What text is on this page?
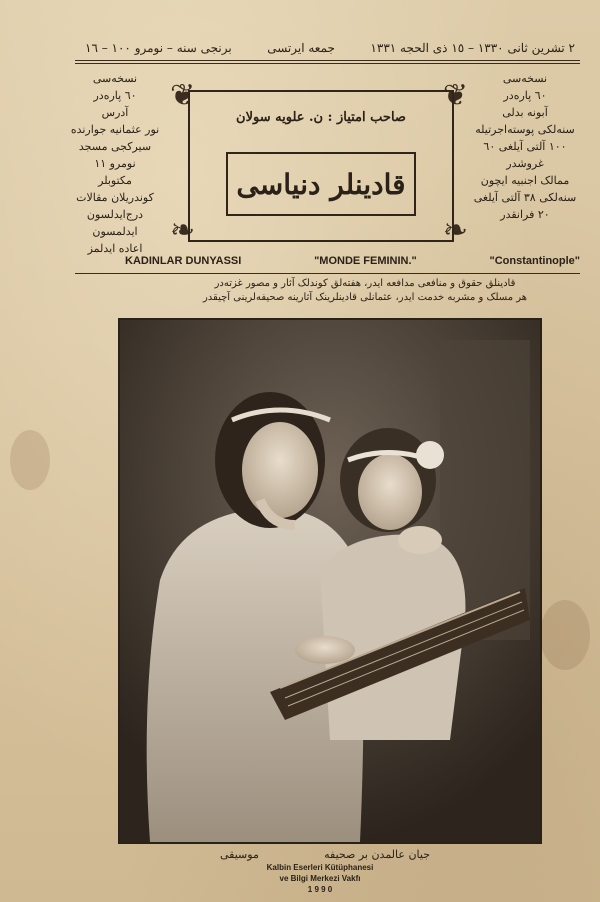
٢ تشرین ثانی ١٣٣٠ – ١٥ ذی الحجه ١٣٣١
جمعه ایرتسی
برنجی سنه – نومرو ١٠٠ – ١٦
نسخه‌سی
٦٠ پاره‌در
آدرس
نور عثمانیه جوارنده
سیرکجی مسجد
نومرو ١١
مکتوبلر
کوندریلان مقالات
درج‌ایدلسون ایدلمسون
اعاده ایدلمز
نسخه‌سی
٦٠ پاره‌در
آبونه بدلی
سنه‌لکی پوسته‌اجرتیله
١٠٠ آلتی آیلغی ٦٠
غروشدر
ممالک اجنبیه ایچون
سنه‌لکی ٣٨ آلتی آیلغی
٢٠ فرانقدر
❦	❦
❧	❧
صاحب امتیاز : ن. علویه سولان
قادینلر دنیاسی
KADINLAR DUNYASSI	"MONDE FEMININ."	"Constantinople"
قادینلق حقوق و منافعی مدافعه ایدر، هفته‌لق کوندلک آثار و مصور غزته‌در
هر مسلک و مشربه خدمت ایدر، عثمانلی قادینلرینک آثارینه صحیفه‌لرینی آچیقدر
جیان عالمدن بر صحیفه
موسیقی
Kalbin Eserleri Kütüphanesi
ve Bilgi Merkezi Vakfı
1 9 9 0
